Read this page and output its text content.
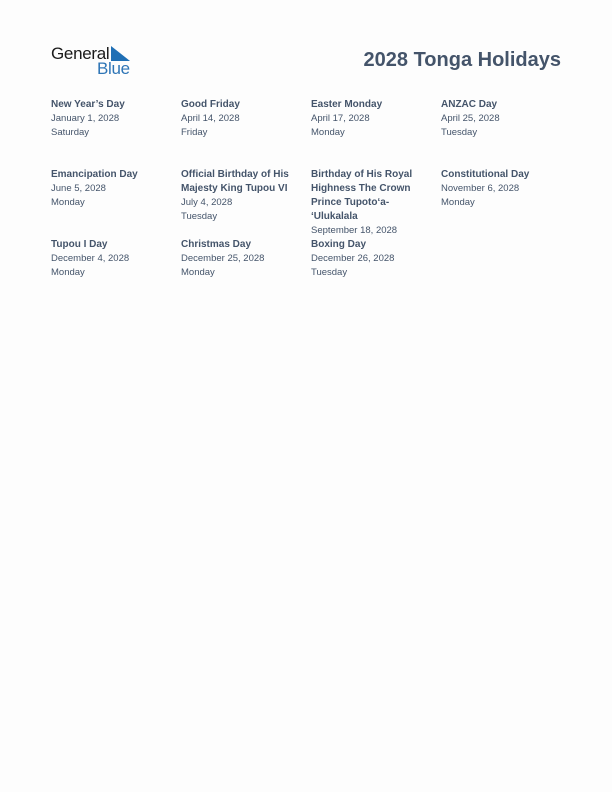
General
Blue	2028 Tonga Holidays
New Year’s Day
January 1, 2028
Saturday
Good Friday
April 14, 2028
Friday
Easter Monday
April 17, 2028
Monday
ANZAC Day
April 25, 2028
Tuesday
Emancipation Day
June 5, 2028
Monday
Official Birthday of His Majesty King Tupou VI
July 4, 2028
Tuesday
Birthday of His Royal Highness The Crown Prince Tupotoʻa-ʻUlukalala
September 18, 2028
Constitutional Day
November 6, 2028
Monday
Tupou I Day
December 4, 2028
Monday
Christmas Day
December 25, 2028
Monday
Boxing Day
December 26, 2028
Tuesday
